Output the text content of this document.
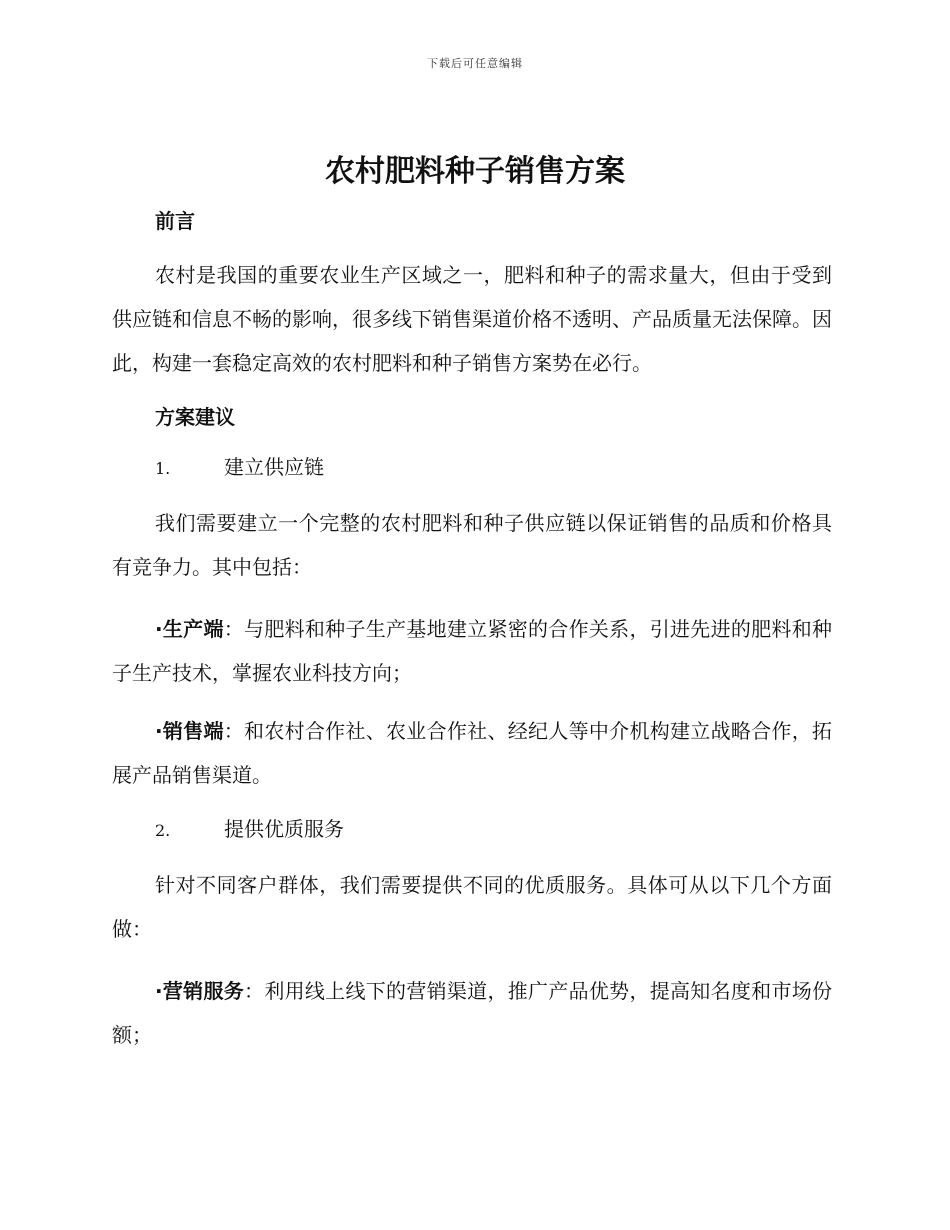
下载后可任意编辑
农村肥料种子销售方案

前言

农村是我国的重要农业生产区域之一，肥料和种子的需求量大，但由于受到供应链和信息不畅的影响，很多线下销售渠道价格不透明、产品质量无法保障。因此，构建一套稳定高效的农村肥料和种子销售方案势在必行。

方案建议

1.	建立供应链

我们需要建立一个完整的农村肥料和种子供应链以保证销售的品质和价格具有竞争力。其中包括：

·生产端：与肥料和种子生产基地建立紧密的合作关系，引进先进的肥料和种子生产技术，掌握农业科技方向；

·销售端：和农村合作社、农业合作社、经纪人等中介机构建立战略合作，拓展产品销售渠道。

2.	提供优质服务

针对不同客户群体，我们需要提供不同的优质服务。具体可从以下几个方面做：

·营销服务：利用线上线下的营销渠道，推广产品优势，提高知名度和市场份额；
